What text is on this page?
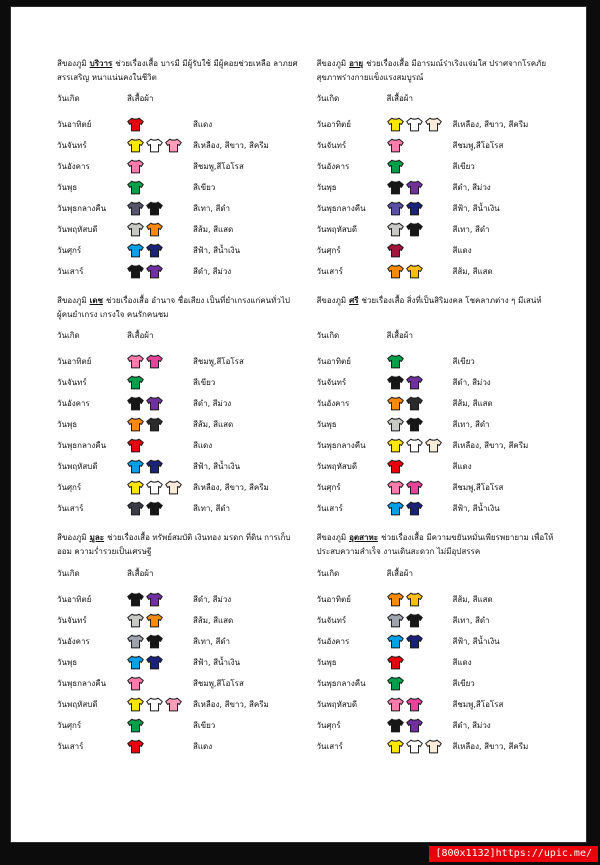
สีของภูมิ บริวาร ช่วยเรื่องเสื้อ บารมี มีผู้รับใช้ มีผู้คอยช่วยเหลือ ลาภยศสรรเสริญ หนาแน่นคงในชีวิต

วันเกิด	สีเสื้อผ้า
วันอาทิตย์	สีแดง
วันจันทร์	สีเหลือง, สีขาว, สีครีม
วันอังคาร	สีชมพู,สีโอโรส
วันพุธ	สีเขียว
วันพุธกลางคืน	สีเทา, สีดำ
วันพฤหัสบดี	สีส้ม, สีแสด
วันศุกร์	สีฟ้า, สีน้ำเงิน
วันเสาร์	สีดำ, สีม่วง

สีของภูมิ อายุ ช่วยเรื่องเสื้อ มีอารมณ์ร่าเริงแจ่มใส ปราศจากโรคภัย สุขภาพร่างกายแข็งแรงสมบูรณ์

วันเกิด	สีเสื้อผ้า
วันอาทิตย์	สีเหลือง, สีขาว, สีครีม
วันจันทร์	สีชมพู,สีโอโรส
วันอังคาร	สีเขียว
วันพุธ	สีดำ, สีม่วง
วันพุธกลางคืน	สีฟ้า, สีน้ำเงิน
วันพฤหัสบดี	สีเทา, สีดำ
วันศุกร์	สีแดง
วันเสาร์	สีส้ม, สีแสด

สีของภูมิ เดช ช่วยเรื่องเสื้อ อำนาจ ชื่อเสียง เป็นที่ยำเกรงแก่คนทั่วไป ผู้คนยำเกรง เกรงใจ คนรักคนชม

วันเกิด	สีเสื้อผ้า
วันอาทิตย์	สีชมพู,สีโอโรส
วันจันทร์	สีเขียว
วันอังคาร	สีดำ, สีม่วง
วันพุธ	สีส้ม, สีแสด
วันพุธกลางคืน	สีแดง
วันพฤหัสบดี	สีฟ้า, สีน้ำเงิน
วันศุกร์	สีเหลือง, สีขาว, สีครีม
วันเสาร์	สีเทา, สีดำ

สีของภูมิ ศรี ช่วยเรื่องเสื้อ สิ่งที่เป็นสิริมงคล โชคลาภต่าง ๆ มีเสน่ห์

วันเกิด	สีเสื้อผ้า
วันอาทิตย์	สีเขียว
วันจันทร์	สีดำ, สีม่วง
วันอังคาร	สีส้ม, สีแสด
วันพุธ	สีเทา, สีดำ
วันพุธกลางคืน	สีเหลือง, สีขาว, สีครีม
วันพฤหัสบดี	สีแดง
วันศุกร์	สีชมพู,สีโอโรส
วันเสาร์	สีฟ้า, สีน้ำเงิน

สีของภูมิ มูละ ช่วยเรื่องเสื้อ ทรัพย์สมบัติ เงินทอง มรดก ที่ดิน การเก็บออม ความร่ำรวยเป็นเศรษฐี

วันเกิด	สีเสื้อผ้า
วันอาทิตย์	สีดำ, สีม่วง
วันจันทร์	สีส้ม, สีแสด
วันอังคาร	สีเทา, สีดำ
วันพุธ	สีฟ้า, สีน้ำเงิน
วันพุธกลางคืน	สีชมพู,สีโอโรส
วันพฤหัสบดี	สีเหลือง, สีขาว, สีครีม
วันศุกร์	สีเขียว
วันเสาร์	สีแดง

สีของภูมิ อุตสาหะ ช่วยเรื่องเสื้อ มีความขยันหมั่นเพียรพยายาม เพื่อให้ประสบความสำเร็จ งานเดินสะดวก ไม่มีอุปสรรค

วันเกิด	สีเสื้อผ้า
วันอาทิตย์	สีส้ม, สีแสด
วันจันทร์	สีเทา, สีดำ
วันอังคาร	สีฟ้า, สีน้ำเงิน
วันพุธ	สีแดง
วันพุธกลางคืน	สีเขียว
วันพฤหัสบดี	สีชมพู,สีโอโรส
วันศุกร์	สีดำ, สีม่วง
วันเสาร์	สีเหลือง, สีขาว, สีครีม
[800x1132]https://upic.me/
